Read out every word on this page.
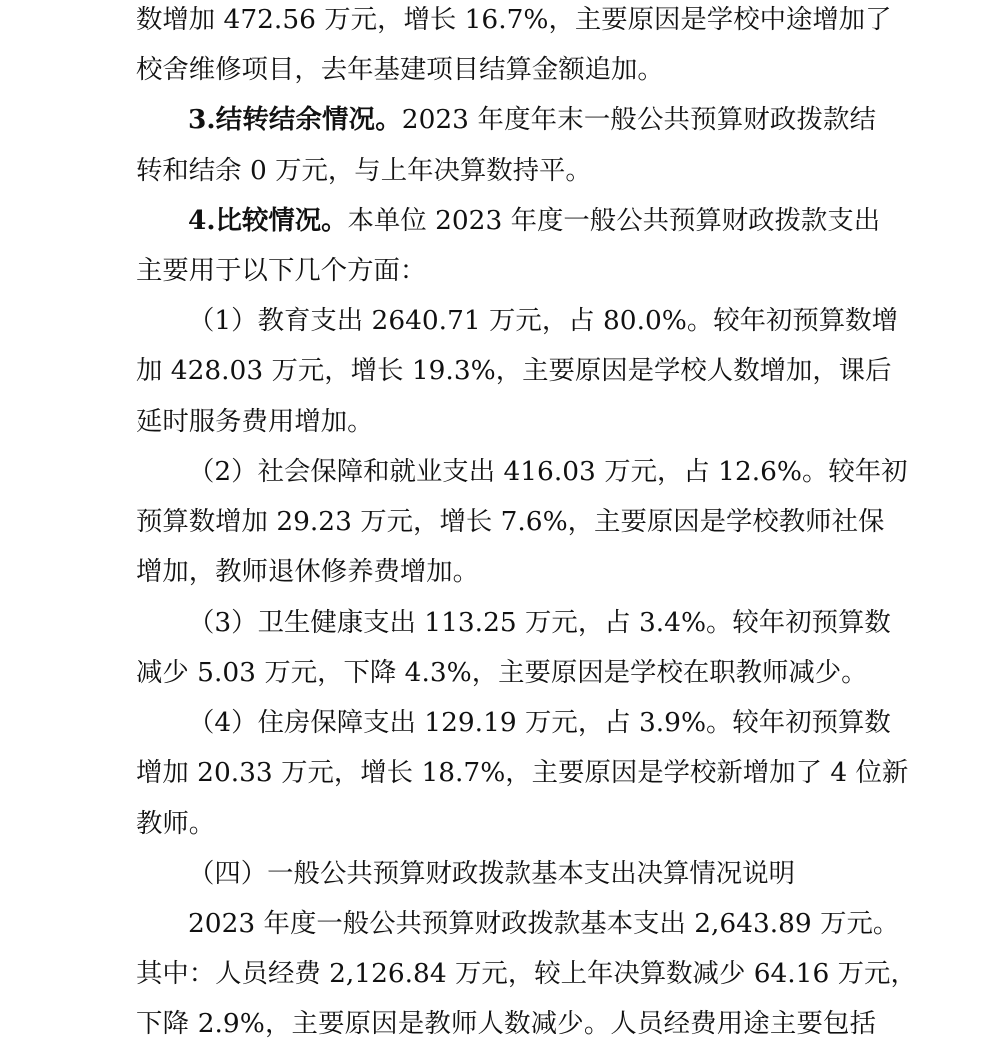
数增加 472.56 万元，增长 16.7%，主要原因是学校中途增加了
校舍维修项目，去年基建项目结算金额追加。
3.结转结余情况。2023 年度年末一般公共预算财政拨款结
转和结余 0 万元，与上年决算数持平。
4.比较情况。本单位 2023 年度一般公共预算财政拨款支出
主要用于以下几个方面：
（1）教育支出 2640.71 万元，占 80.0%。较年初预算数增
加 428.03 万元，增长 19.3%，主要原因是学校人数增加，课后
延时服务费用增加。
（2）社会保障和就业支出 416.03 万元，占 12.6%。较年初
预算数增加 29.23 万元，增长 7.6%，主要原因是学校教师社保
增加，教师退休修养费增加。
（3）卫生健康支出 113.25 万元，占 3.4%。较年初预算数
减少 5.03 万元，下降 4.3%，主要原因是学校在职教师减少。
（4）住房保障支出 129.19 万元，占 3.9%。较年初预算数
增加 20.33 万元，增长 18.7%，主要原因是学校新增加了 4 位新
教师。
（四）一般公共预算财政拨款基本支出决算情况说明
2023 年度一般公共预算财政拨款基本支出 2,643.89 万元。
其中：人员经费 2,126.84 万元，较上年决算数减少 64.16 万元，
下降 2.9%，主要原因是教师人数减少。人员经费用途主要包括
